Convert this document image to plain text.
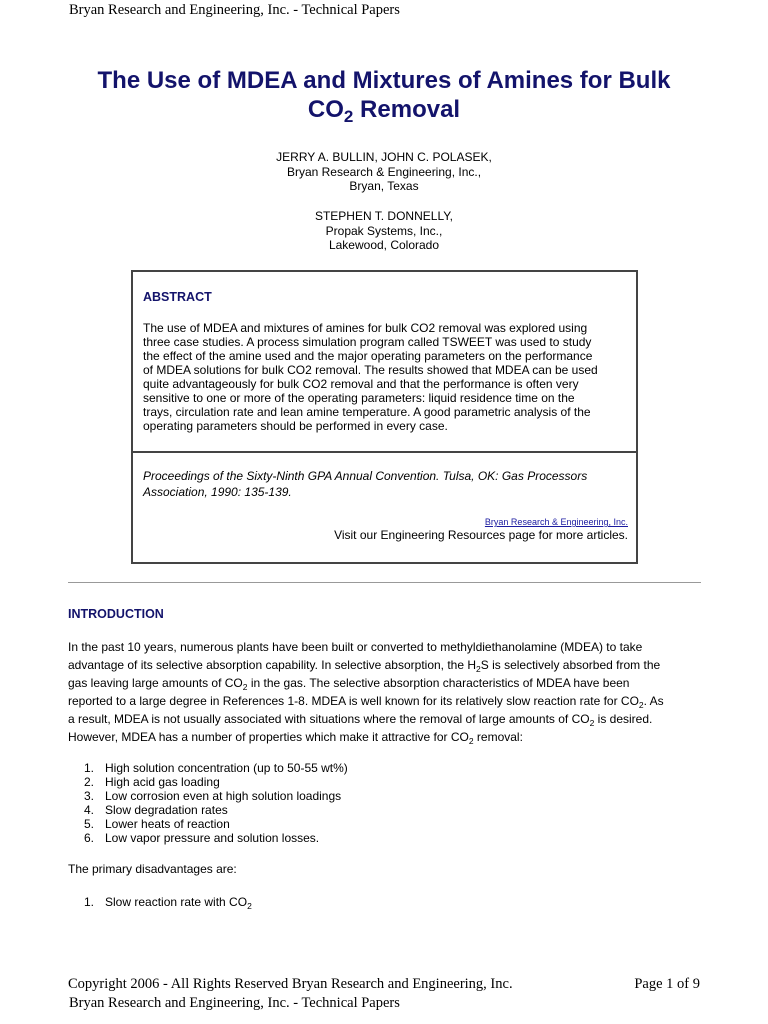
Bryan Research and Engineering, Inc. - Technical Papers
The Use of MDEA and Mixtures of Amines for Bulk
$CO_2$ Removal
JERRY A. BULLIN, JOHN C. POLASEK,
Bryan Research & Engineering, Inc.,
Bryan, Texas
STEPHEN T. DONNELLY,
Propak Systems, Inc.,
Lakewood, Colorado
ABSTRACT
The use of MDEA and mixtures of amines for bulk CO2 removal was explored using
three case studies. A process simulation program called TSWEET was used to study
the effect of the amine used and the major operating parameters on the performance
of MDEA solutions for bulk CO2 removal. The results showed that MDEA can be used
quite advantageously for bulk CO2 removal and that the performance is often very
sensitive to one or more of the operating parameters: liquid residence time on the
trays, circulation rate and lean amine temperature. A good parametric analysis of the
operating parameters should be performed in every case.
Proceedings of the Sixty-Ninth GPA Annual Convention. Tulsa, OK: Gas Processors
Association, 1990: 135-139.
Bryan Research & Engineering, Inc.
Visit our Engineering Resources page for more articles.
INTRODUCTION
In the past 10 years, numerous plants have been built or converted to methyldiethanolamine (MDEA) to take
advantage of its selective absorption capability. In selective absorption, the $H_2S$ is selectively absorbed from the
gas leaving large amounts of $CO_2$ in the gas. The selective absorption characteristics of MDEA have been
reported to a large degree in References 1-8. MDEA is well known for its relatively slow reaction rate for $CO_2$. As
a result, MDEA is not usually associated with situations where the removal of large amounts of $CO_2$ is desired.
However, MDEA has a number of properties which make it attractive for $CO_2$ removal:
1. High solution concentration (up to 50-55 wt%)
2. High acid gas loading
3. Low corrosion even at high solution loadings
4. Slow degradation rates
5. Lower heats of reaction
6. Low vapor pressure and solution losses.
The primary disadvantages are:
1. Slow reaction rate with $CO_2$
Copyright 2006 - All Rights Reserved Bryan Research and Engineering, Inc.	Page 1 of 9
Bryan Research and Engineering, Inc. - Technical Papers
